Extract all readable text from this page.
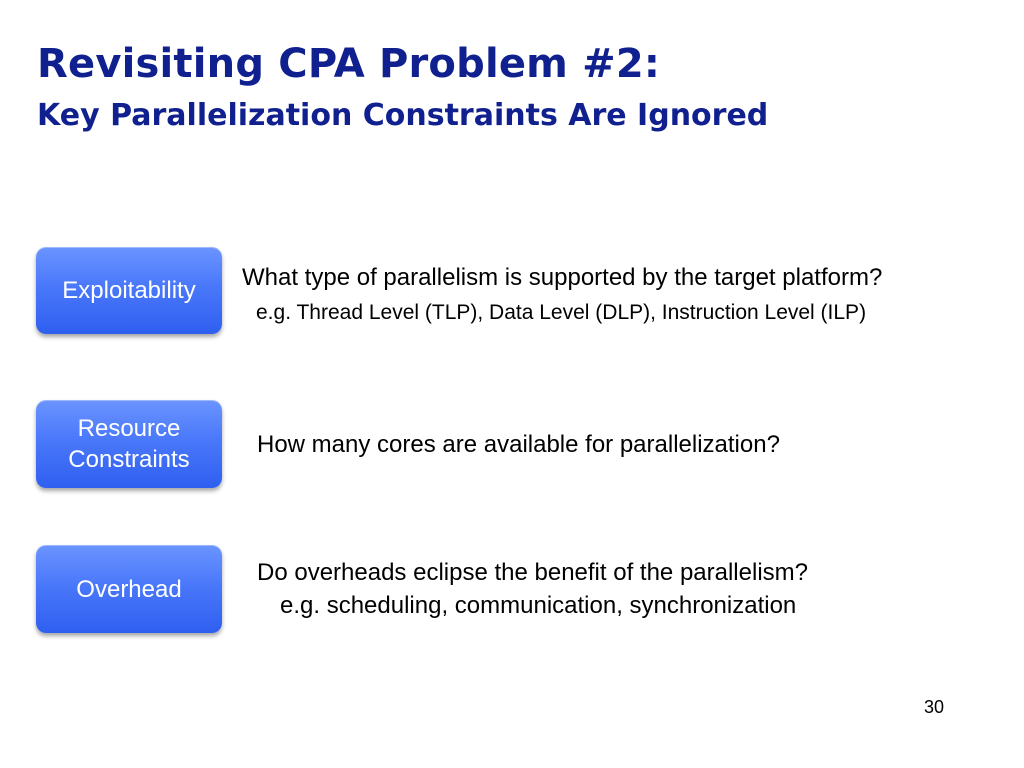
Revisiting CPA Problem #2:
Key Parallelization Constraints Are Ignored
Exploitability What type of parallelism is supported by the target platform?
e.g. Thread Level (TLP), Data Level (DLP), Instruction Level (ILP)
Resource
Constraints
How many cores are available for parallelization?
Overhead
Do overheads eclipse the benefit of the parallelism?
e.g. scheduling, communication, synchronization
30
